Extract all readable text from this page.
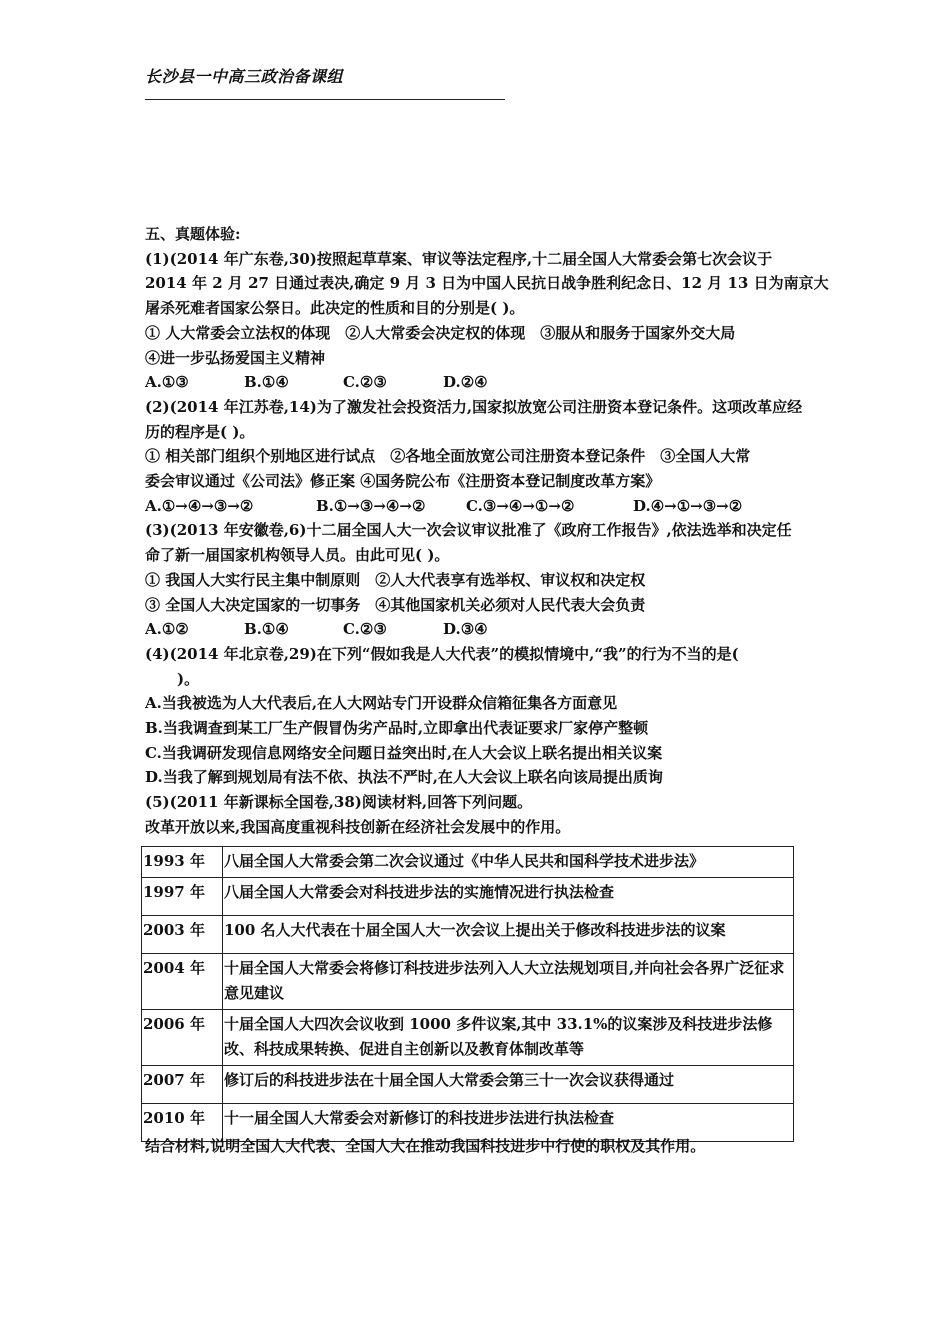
长沙县一中高三政治备课组
五、真题体验:
(1)(2014 年广东卷,30)按照起草草案、审议等法定程序,十二届全国人大常委会第七次会议于
2014 年 2 月 27 日通过表决,确定 9 月 3 日为中国人民抗日战争胜利纪念日、12 月 13 日为南京大
屠杀死难者国家公祭日。此决定的性质和目的分别是( )。
① 人大常委会立法权的体现　②人大常委会决定权的体现　③服从和服务于国家外交大局
④进一步弘扬爱国主义精神
A.①③	B.①④	C.②③	D.②④
(2)(2014 年江苏卷,14)为了激发社会投资活力,国家拟放宽公司注册资本登记条件。这项改革应经
历的程序是( )。
① 相关部门组织个别地区进行试点　②各地全面放宽公司注册资本登记条件　③全国人大常
委会审议通过《公司法》修正案 ④国务院公布《注册资本登记制度改革方案》
A.①→④→③→②	B.①→③→④→②	C.③→④→①→②	D.④→①→③→②
(3)(2013 年安徽卷,6)十二届全国人大一次会议审议批准了《政府工作报告》,依法选举和决定任
命了新一届国家机构领导人员。由此可见( )。
① 我国人大实行民主集中制原则　②人大代表享有选举权、审议权和决定权
③ 全国人大决定国家的一切事务　④其他国家机关必须对人民代表大会负责
A.①②	B.①④	C.②③	D.③④
(4)(2014 年北京卷,29)在下列“假如我是人大代表”的模拟情境中,“我”的行为不当的是(
)。
A.当我被选为人大代表后,在人大网站专门开设群众信箱征集各方面意见
B.当我调查到某工厂生产假冒伪劣产品时,立即拿出代表证要求厂家停产整顿
C.当我调研发现信息网络安全问题日益突出时,在人大会议上联名提出相关议案
D.当我了解到规划局有法不依、执法不严时,在人大会议上联名向该局提出质询
(5)(2011 年新课标全国卷,38)阅读材料,回答下列问题。
改革开放以来,我国高度重视科技创新在经济社会发展中的作用。
1993 年	八届全国人大常委会第二次会议通过《中华人民共和国科学技术进步法》
1997 年	八届全国人大常委会对科技进步法的实施情况进行执法检查
2003 年	100 名人大代表在十届全国人大一次会议上提出关于修改科技进步法的议案
2004 年	十届全国人大常委会将修订科技进步法列入人大立法规划项目,并向社会各界广泛征求意见建议
2006 年	十届全国人大四次会议收到 1000 多件议案,其中 33.1%的议案涉及科技进步法修改、科技成果转换、促进自主创新以及教育体制改革等
2007 年	修订后的科技进步法在十届全国人大常委会第三十一次会议获得通过
2010 年	十一届全国人大常委会对新修订的科技进步法进行执法检查
结合材料,说明全国人大代表、全国人大在推动我国科技进步中行使的职权及其作用。
